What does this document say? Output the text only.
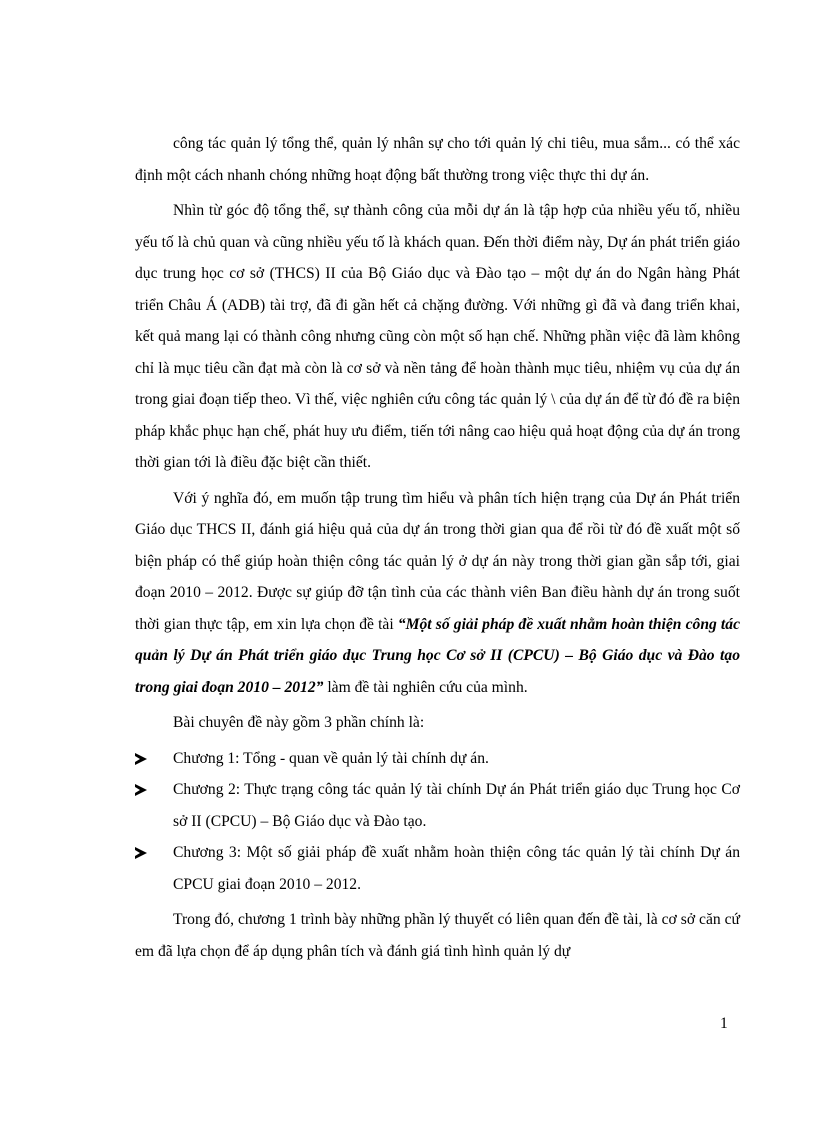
công tác quản lý tổng thể, quản lý nhân sự cho tới quản lý chi tiêu, mua sắm... có thể xác định một cách nhanh chóng những hoạt động bất thường trong việc thực thi dự án.

Nhìn từ góc độ tổng thể, sự thành công của mỗi dự án là tập hợp của nhiều yếu tố, nhiều yếu tố là chủ quan và cũng nhiều yếu tố là khách quan. Đến thời điểm này, Dự án phát triển giáo dục trung học cơ sở (THCS) II của Bộ Giáo dục và Đào tạo – một dự án do Ngân hàng Phát triển Châu Á (ADB) tài trợ, đã đi gần hết cả chặng đường. Với những gì đã và đang triển khai, kết quả mang lại có thành công nhưng cũng còn một số hạn chế. Những phần việc đã làm không chỉ là mục tiêu cần đạt mà còn là cơ sở và nền tảng để hoàn thành mục tiêu, nhiệm vụ của dự án trong giai đoạn tiếp theo. Vì thế, việc nghiên cứu công tác quản lý \ của dự án để từ đó đề ra biện pháp khắc phục hạn chế, phát huy ưu điểm, tiến tới nâng cao hiệu quả hoạt động của dự án trong thời gian tới là điều đặc biệt cần thiết.

Với ý nghĩa đó, em muốn tập trung tìm hiểu và phân tích hiện trạng của Dự án Phát triển Giáo dục THCS II, đánh giá hiệu quả của dự án trong thời gian qua để rồi từ đó đề xuất một số biện pháp có thể giúp hoàn thiện công tác quản lý ở dự án này trong thời gian gần sắp tới, giai đoạn 2010 – 2012. Được sự giúp đỡ tận tình của các thành viên Ban điều hành dự án trong suốt thời gian thực tập, em xin lựa chọn đề tài “Một số giải pháp đề xuất nhằm hoàn thiện công tác quản lý Dự án Phát triển giáo dục Trung học Cơ sở II (CPCU) – Bộ Giáo dục và Đào tạo trong giai đoạn 2010 – 2012” làm đề tài nghiên cứu của mình.

Bài chuyên đề này gồm 3 phần chính là:

Chương 1: Tổng - quan về quản lý tài chính dự án.
Chương 2: Thực trạng công tác quản lý tài chính Dự án Phát triển giáo dục Trung học Cơ sở II (CPCU) – Bộ Giáo dục và Đào tạo.
Chương 3: Một số giải pháp đề xuất nhằm hoàn thiện công tác quản lý tài chính Dự án CPCU giai đoạn 2010 – 2012.

Trong đó, chương 1 trình bày những phần lý thuyết có liên quan đến đề tài, là cơ sở căn cứ em đã lựa chọn để áp dụng phân tích và đánh giá tình hình quản lý dự

1
